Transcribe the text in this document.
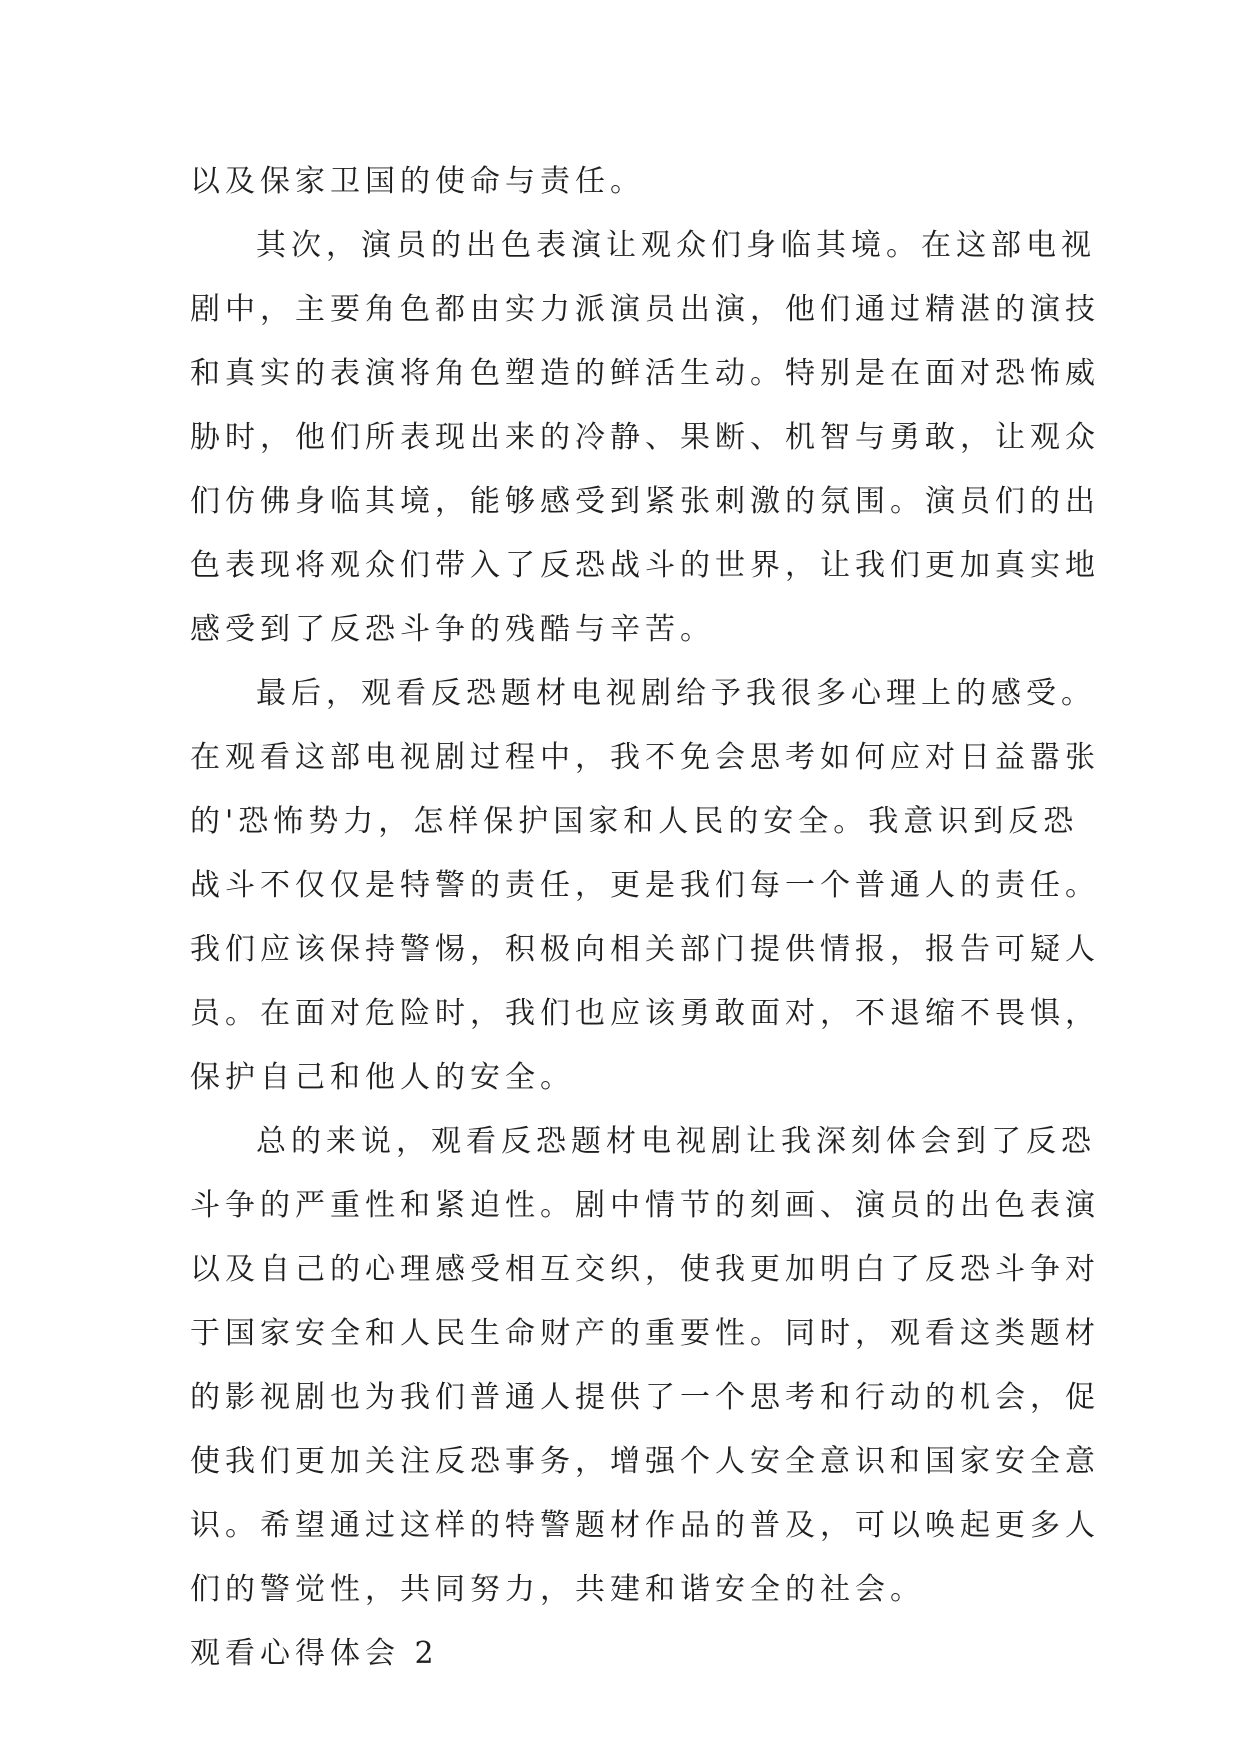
以及保家卫国的使命与责任。
其次，演员的出色表演让观众们身临其境。在这部电视
剧中，主要角色都由实力派演员出演，他们通过精湛的演技
和真实的表演将角色塑造的鲜活生动。特别是在面对恐怖威
胁时，他们所表现出来的冷静、果断、机智与勇敢，让观众
们仿佛身临其境，能够感受到紧张刺激的氛围。演员们的出
色表现将观众们带入了反恐战斗的世界，让我们更加真实地
感受到了反恐斗争的残酷与辛苦。
最后，观看反恐题材电视剧给予我很多心理上的感受。
在观看这部电视剧过程中，我不免会思考如何应对日益嚣张
的'恐怖势力，怎样保护国家和人民的安全。我意识到反恐
战斗不仅仅是特警的责任，更是我们每一个普通人的责任。
我们应该保持警惕，积极向相关部门提供情报，报告可疑人
员。在面对危险时，我们也应该勇敢面对，不退缩不畏惧，
保护自己和他人的安全。
总的来说，观看反恐题材电视剧让我深刻体会到了反恐
斗争的严重性和紧迫性。剧中情节的刻画、演员的出色表演
以及自己的心理感受相互交织，使我更加明白了反恐斗争对
于国家安全和人民生命财产的重要性。同时，观看这类题材
的影视剧也为我们普通人提供了一个思考和行动的机会，促
使我们更加关注反恐事务，增强个人安全意识和国家安全意
识。希望通过这样的特警题材作品的普及，可以唤起更多人
们的警觉性，共同努力，共建和谐安全的社会。
观看心得体会 2
